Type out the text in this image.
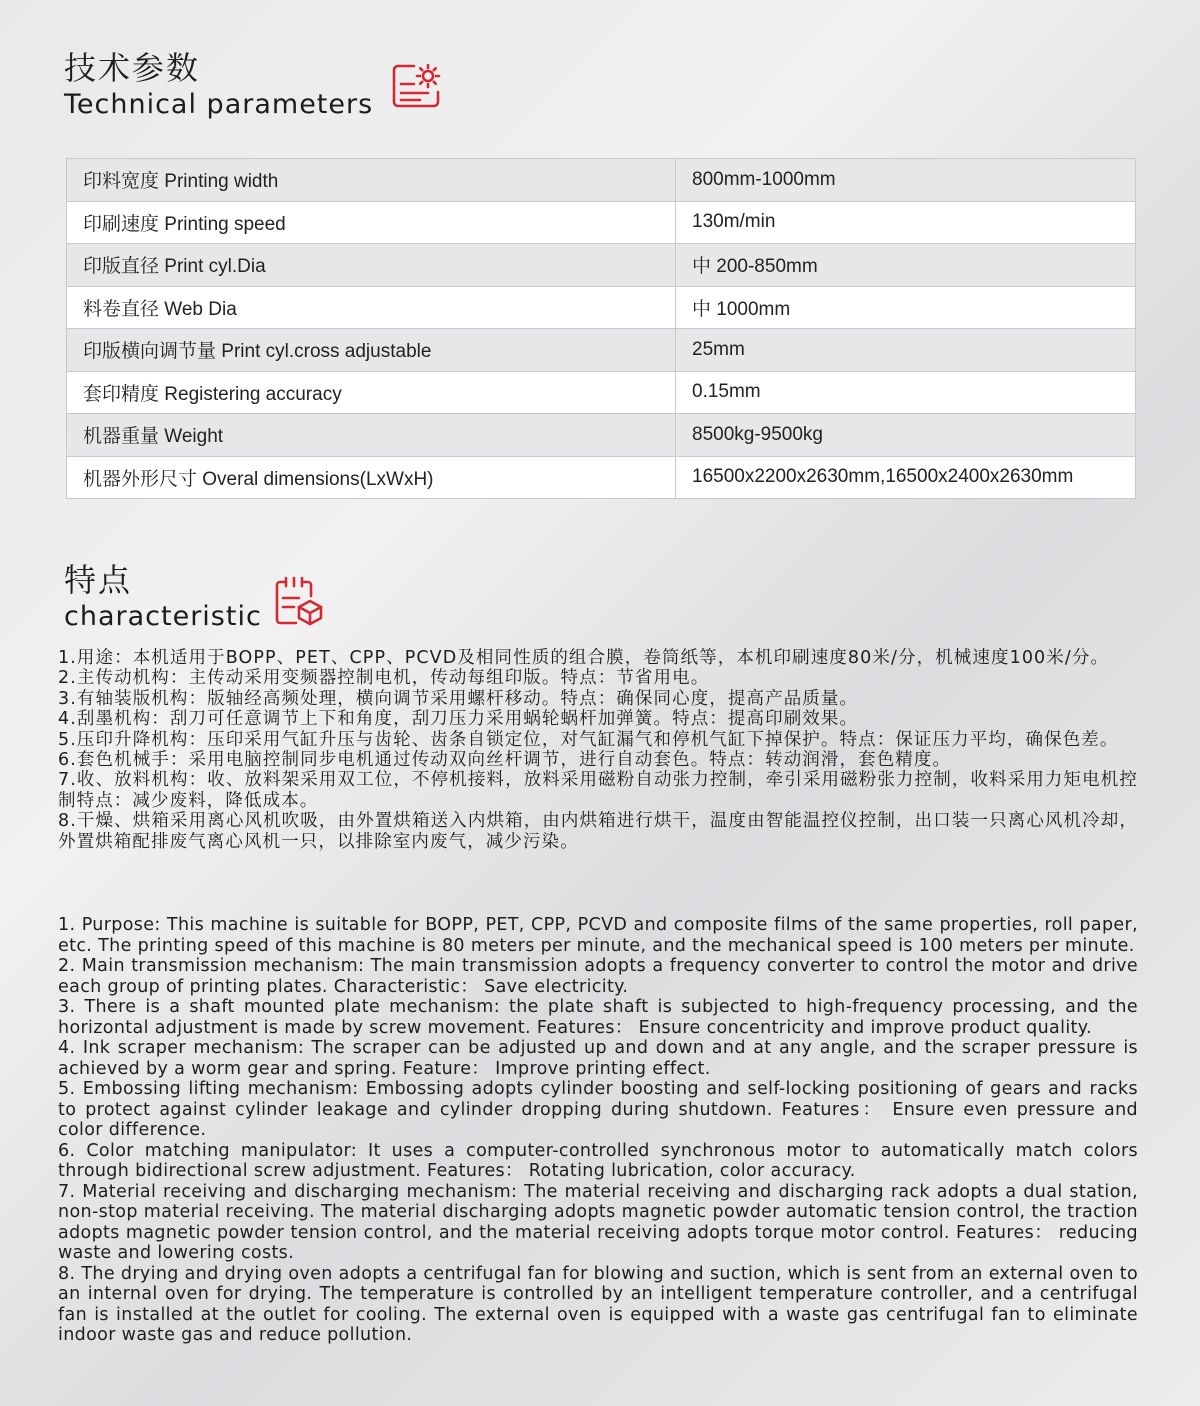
技术参数
Technical parameters
印料宽度 Printing width	800mm-1000mm
印刷速度 Printing speed	130m/min
印版直径 Print cyl.Dia	中 200-850mm
料卷直径 Web Dia	中 1000mm
印版横向调节量 Print cyl.cross adjustable	25mm
套印精度 Registering accuracy	0.15mm
机器重量 Weight	8500kg-9500kg
机器外形尺寸 Overal dimensions(LxWxH)	16500x2200x2630mm,16500x2400x2630mm
特点
characteristic

1.用途：本机适用于BOPP、PET、CPP、PCVD及相同性质的组合膜，卷筒纸等，本机印刷速度80米/分，机械速度100米/分。

2.主传动机构：主传动采用变频器控制电机，传动每组印版。特点：节省用电。

3.有轴装版机构：版轴经高频处理，横向调节采用螺杆移动。特点：确保同心度，提高产品质量。

4.刮墨机构：刮刀可任意调节上下和角度，刮刀压力采用蜗轮蜗杆加弹簧。特点：提高印刷效果。

5.压印升降机构：压印采用气缸升压与齿轮、齿条自锁定位，对气缸漏气和停机气缸下掉保护。特点：保证压力平均，确保色差。

6.套色机械手：采用电脑控制同步电机通过传动双向丝杆调节，进行自动套色。特点：转动润滑，套色精度。

7.收、放料机构：收、放料架采用双工位，不停机接料，放料采用磁粉自动张力控制，牵引采用磁粉张力控制，收料采用力矩电机控制特点：减少废料，降低成本。

8.干燥、烘箱采用离心风机吹吸，由外置烘箱送入内烘箱，由内烘箱进行烘干，温度由智能温控仪控制，出口装一只离心风机冷却，外置烘箱配排废气离心风机一只，以排除室内废气，减少污染。

1. Purpose: This machine is suitable for BOPP, PET, CPP, PCVD and composite films of the same properties, roll paper, etc. The printing speed of this machine is 80 meters per minute, and the mechanical speed is 100 meters per minute.

2. Main transmission mechanism: The main transmission adopts a frequency converter to control the motor and drive each group of printing plates. Characteristic： Save electricity.

3. There is a shaft mounted plate mechanism: the plate shaft is subjected to high-frequency processing, and the horizontal adjustment is made by screw movement. Features： Ensure concentricity and improve product quality.

4. Ink scraper mechanism: The scraper can be adjusted up and down and at any angle, and the scraper pressure is achieved by a worm gear and spring. Feature： Improve printing effect.

5. Embossing lifting mechanism: Embossing adopts cylinder boosting and self-locking positioning of gears and racks to protect against cylinder leakage and cylinder dropping during shutdown. Features： Ensure even pressure and color difference.

6. Color matching manipulator: It uses a computer-controlled synchronous motor to automatically match colors through bidirectional screw adjustment. Features： Rotating lubrication, color accuracy.

7. Material receiving and discharging mechanism: The material receiving and discharging rack adopts a dual station, non-stop material receiving. The material discharging adopts magnetic powder automatic tension control, the traction adopts magnetic powder tension control, and the material receiving adopts torque motor control. Features： reducing waste and lowering costs.

8. The drying and drying oven adopts a centrifugal fan for blowing and suction, which is sent from an external oven to an internal oven for drying. The temperature is controlled by an intelligent temperature controller, and a centrifugal fan is installed at the outlet for cooling. The external oven is equipped with a waste gas centrifugal fan to eliminate indoor waste gas and reduce pollution.
